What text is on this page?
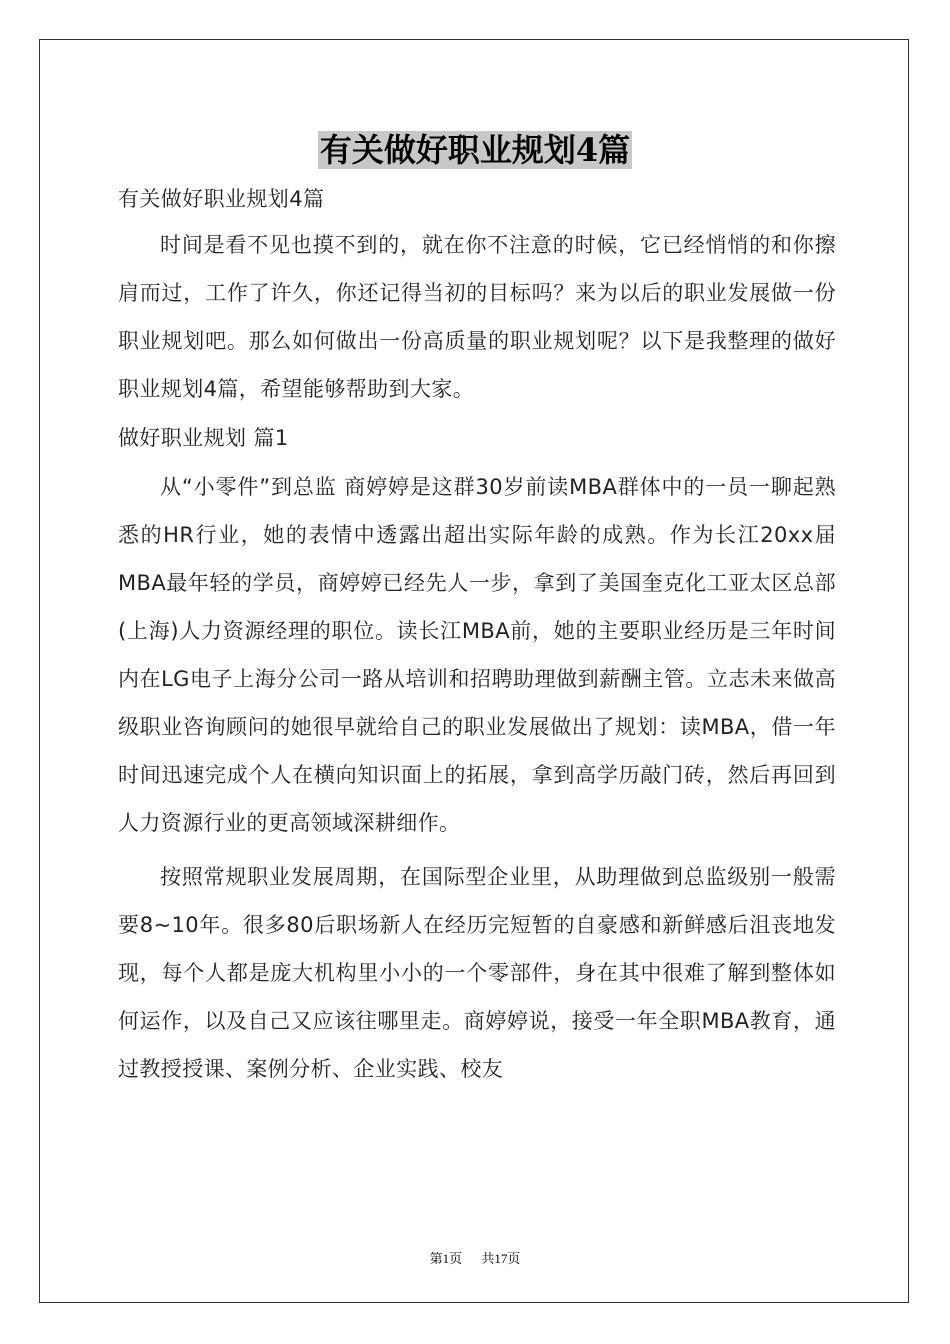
有关做好职业规划4篇

有关做好职业规划4篇

时间是看不见也摸不到的，就在你不注意的时候，它已经悄悄的和你擦肩而过，工作了许久，你还记得当初的目标吗？来为以后的职业发展做一份职业规划吧。那么如何做出一份高质量的职业规划呢？以下是我整理的做好职业规划4篇，希望能够帮助到大家。

做好职业规划 篇1

从“小零件”到总监 商婷婷是这群30岁前读MBA群体中的一员一聊起熟悉的HR行业，她的表情中透露出超出实际年龄的成熟。作为长江20xx届MBA最年轻的学员，商婷婷已经先人一步，拿到了美国奎克化工亚太区总部(上海)人力资源经理的职位。读长江MBA前，她的主要职业经历是三年时间内在LG电子上海分公司一路从培训和招聘助理做到薪酬主管。立志未来做高级职业咨询顾问的她很早就给自己的职业发展做出了规划：读MBA，借一年时间迅速完成个人在横向知识面上的拓展，拿到高学历敲门砖，然后再回到人力资源行业的更高领域深耕细作。

按照常规职业发展周期，在国际型企业里，从助理做到总监级别一般需要8~10年。很多80后职场新人在经历完短暂的自豪感和新鲜感后沮丧地发现，每个人都是庞大机构里小小的一个零部件，身在其中很难了解到整体如何运作，以及自己又应该往哪里走。商婷婷说，接受一年全职MBA教育，通过教授授课、案例分析、企业实践、校友

第1页 共17页
